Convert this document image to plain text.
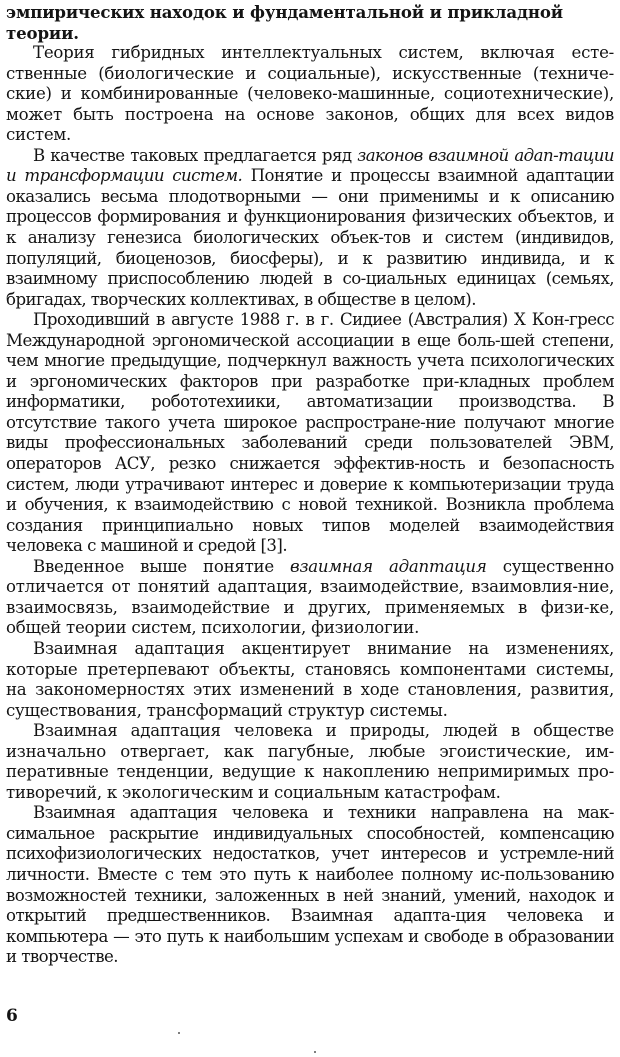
эмпирических находок и фундаментальной и прикладной
теории.

Теория гибридных интеллектуальных систем, включая есте- ственные (биологические и социальные), искусственные (техниче- ские) и комбинированные (человеко-машинные, социотехнические), может быть построена на основе законов, общих для всех видов систем.

В качестве таковых предлагается ряд законов взаимной адап-тации и трансформации систем. Понятие и процессы взаимной адаптации оказались весьма плодотворными — они применимы и к описанию процессов формирования и функционирования физических объектов, и к анализу генезиса биологических объек-тов и систем (индивидов, популяций, биоценозов, биосферы), и к развитию индивида, и к взаимному приспособлению людей в со-циальных единицах (семьях, бригадах, творческих коллективах, в обществе в целом).

Проходивший в августе 1988 г. в г. Сидиее (Австралия) X Кон-гресс Международной эргономической ассоциации в еще боль-шей степени, чем многие предыдущие, подчеркнул важность учета психологических и эргономических факторов при разработке при-кладных проблем информатики, робототехиики, автоматизации производства. В отсутствие такого учета широкое распростране-ние получают многие виды профессиональных заболеваний среди пользователей ЭВМ, операторов АСУ, резко снижается эффектив-ность и безопасность систем, люди утрачивают интерес и доверие к компьютеризации труда и обучения, к взаимодействию с новой техникой. Возникла проблема создания принципиально новых типов моделей взаимодействия человека с машиной и средой [3].

Введенное выше понятие взаимная адаптация существенно отличается от понятий адаптация, взаимодействие, взаимовлия-ние, взаимосвязь, взаимодействие и других, применяемых в физи-ке, общей теории систем, психологии, физиологии.

Взаимная адаптация акцентирует внимание на изменениях, которые претерпевают объекты, становясь компонентами системы, на закономерностях этих изменений в ходе становления, развития, существования, трансформаций структур системы.

Взаимная адаптация человека и природы, людей в обществе изначально отвергает, как пагубные, любые эгоистические, им-перативные тенденции, ведущие к накоплению непримиримых про-тиворечий, к экологическим и социальным катастрофам.

Взаимная адаптация человека и техники направлена на мак-симальное раскрытие индивидуальных способностей, компенсацию психофизиологических недостатков, учет интересов и устремле-ний личности. Вместе с тем это путь к наиболее полному ис-пользованию возможностей техники, заложенных в ней знаний, умений, находок и открытий предшественников. Взаимная адапта-ция человека и компьютера — это путь к наибольшим успехам и свободе в образовании и творчестве.

6
